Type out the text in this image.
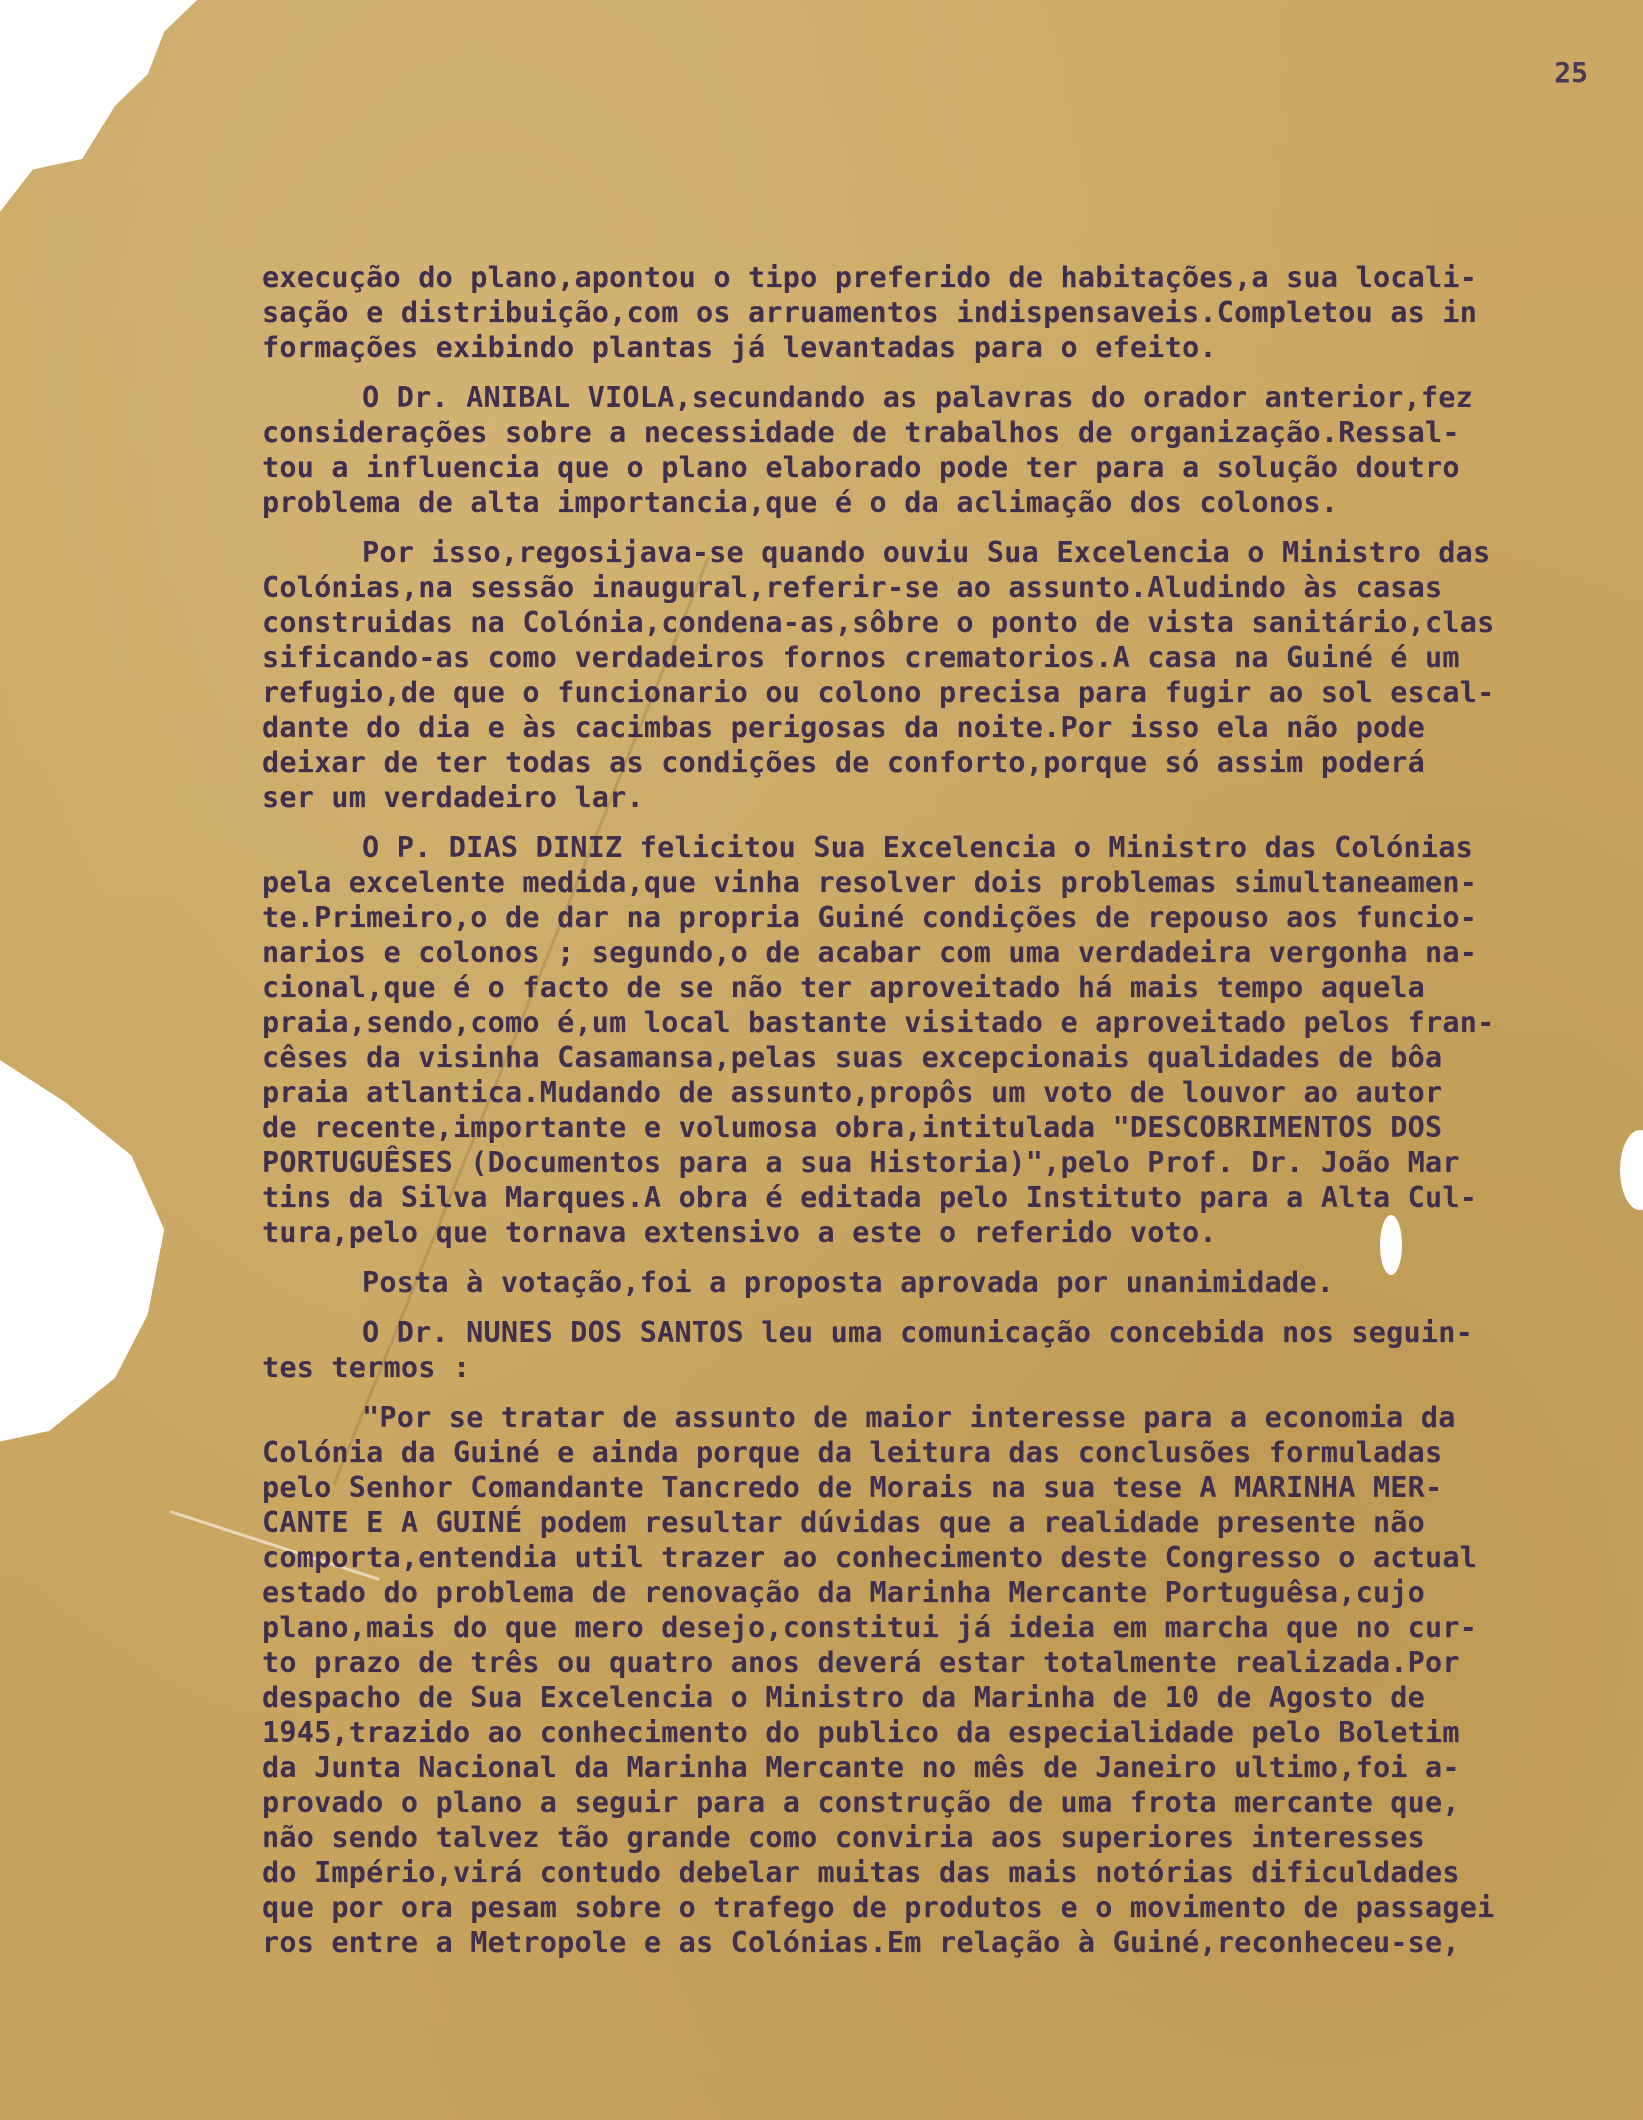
25

execução do plano,apontou o tipo preferido de habitações,a sua locali-
sação e distribuição,com os arruamentos indispensaveis.Completou as in
formações exibindo plantas já levantadas para o efeito.

O Dr. ANIBAL VIOLA,secundando as palavras do orador anterior,fez
considerações sobre a necessidade de trabalhos de organização.Ressal-
tou a influencia que o plano elaborado pode ter para a solução doutro
problema de alta importancia,que é o da aclimação dos colonos.

Por isso,regosijava-se quando ouviu Sua Excelencia o Ministro das
Colónias,na sessão inaugural,referir-se ao assunto.Aludindo às casas
construidas na Colónia,condena-as,sôbre o ponto de vista sanitário,clas
sificando-as como verdadeiros fornos crematorios.A casa na Guiné é um
refugio,de que o funcionario ou colono precisa para fugir ao sol escal-
dante do dia e às cacimbas perigosas da noite.Por isso ela não pode
deixar de ter todas as condições de conforto,porque só assim poderá
ser um verdadeiro lar.

O P. DIAS DINIZ felicitou Sua Excelencia o Ministro das Colónias
pela excelente medida,que vinha resolver dois problemas simultaneamen-
te.Primeiro,o de dar na propria Guiné condições de repouso aos funcio-
narios e colonos ; segundo,o de acabar com uma verdadeira vergonha na-
cional,que é o facto de se não ter aproveitado há mais tempo aquela
praia,sendo,como é,um local bastante visitado e aproveitado pelos fran-
cêses da visinha Casamansa,pelas suas excepcionais qualidades de bôa
praia atlantica.Mudando de assunto,propôs um voto de louvor ao autor
de recente,importante e volumosa obra,intitulada "DESCOBRIMENTOS DOS
PORTUGUÊSES (Documentos para a sua Historia)",pelo Prof. Dr. João Mar
tins da Silva Marques.A obra é editada pelo Instituto para a Alta Cul-
tura,pelo que tornava extensivo a este o referido voto.

Posta à votação,foi a proposta aprovada por unanimidade.

O Dr. NUNES DOS SANTOS leu uma comunicação concebida nos seguin-
tes termos :

"Por se tratar de assunto de maior interesse para a economia da
Colónia da Guiné e ainda porque da leitura das conclusões formuladas
pelo Senhor Comandante Tancredo de Morais na sua tese A MARINHA MER-
CANTE E A GUINÉ podem resultar dúvidas que a realidade presente não
comporta,entendia util trazer ao conhecimento deste Congresso o actual
estado do problema de renovação da Marinha Mercante Portuguêsa,cujo
plano,mais do que mero desejo,constitui já ideia em marcha que no cur-
to prazo de três ou quatro anos deverá estar totalmente realizada.Por
despacho de Sua Excelencia o Ministro da Marinha de 10 de Agosto de
1945,trazido ao conhecimento do publico da especialidade pelo Boletim
da Junta Nacional da Marinha Mercante no mês de Janeiro ultimo,foi a-
provado o plano a seguir para a construção de uma frota mercante que,
não sendo talvez tão grande como conviria aos superiores interesses
do Império,virá contudo debelar muitas das mais notórias dificuldades
que por ora pesam sobre o trafego de produtos e o movimento de passagei
ros entre a Metropole e as Colónias.Em relação à Guiné,reconheceu-se,
